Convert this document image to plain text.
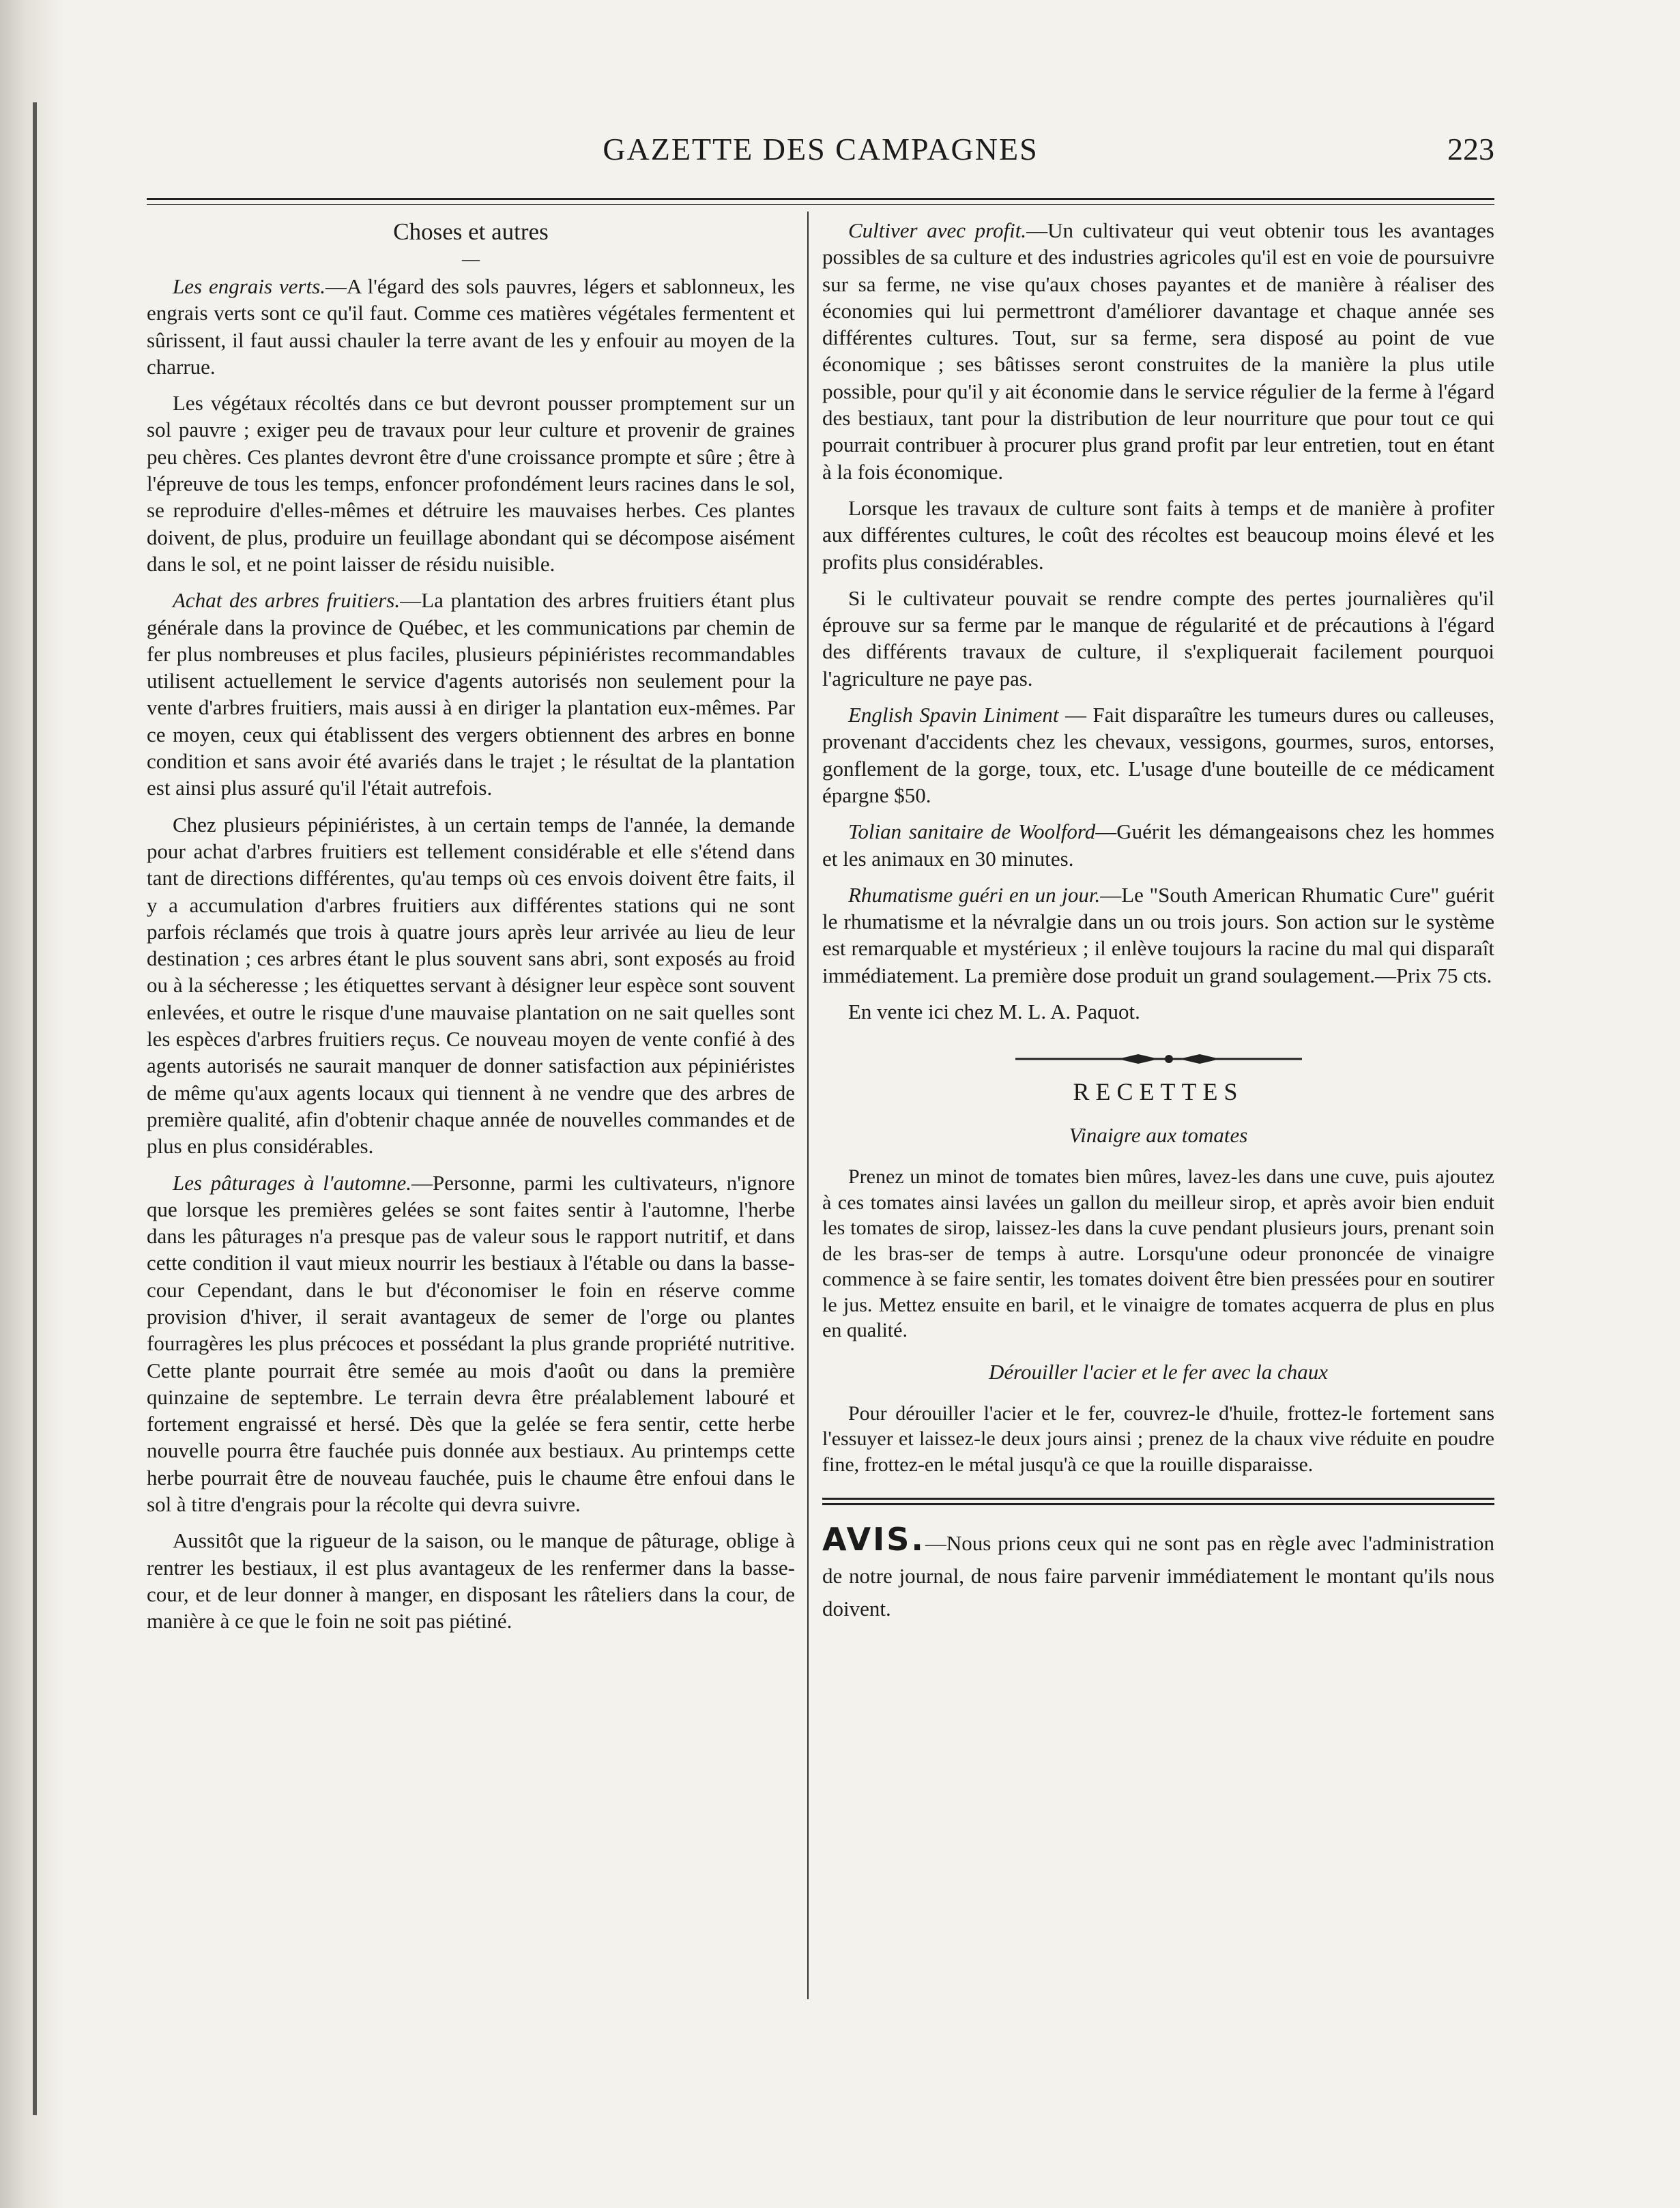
GAZETTE DES CAMPAGNES	223
Choses et autres
—

Les engrais verts.—A l'égard des sols pauvres, légers et sablonneux, les engrais verts sont ce qu'il faut. Comme ces matières végétales fermentent et sûrissent, il faut aussi chauler la terre avant de les y enfouir au moyen de la charrue.

Les végétaux récoltés dans ce but devront pousser promptement sur un sol pauvre ; exiger peu de travaux pour leur culture et provenir de graines peu chères. Ces plantes devront être d'une croissance prompte et sûre ; être à l'épreuve de tous les temps, enfoncer profondément leurs racines dans le sol, se reproduire d'elles-mêmes et détruire les mauvaises herbes. Ces plantes doivent, de plus, produire un feuillage abondant qui se décompose aisément dans le sol, et ne point laisser de résidu nuisible.

Achat des arbres fruitiers.—La plantation des arbres fruitiers étant plus générale dans la province de Québec, et les communications par chemin de fer plus nombreuses et plus faciles, plusieurs pépiniéristes recommandables utilisent actuellement le service d'agents autorisés non seulement pour la vente d'arbres fruitiers, mais aussi à en diriger la plantation eux-mêmes. Par ce moyen, ceux qui établissent des vergers obtiennent des arbres en bonne condition et sans avoir été avariés dans le trajet ; le résultat de la plantation est ainsi plus assuré qu'il l'était autrefois.

Chez plusieurs pépiniéristes, à un certain temps de l'année, la demande pour achat d'arbres fruitiers est tellement considérable et elle s'étend dans tant de directions différentes, qu'au temps où ces envois doivent être faits, il y a accumulation d'arbres fruitiers aux différentes stations qui ne sont parfois réclamés que trois à quatre jours après leur arrivée au lieu de leur destination ; ces arbres étant le plus souvent sans abri, sont exposés au froid ou à la sécheresse ; les étiquettes servant à désigner leur espèce sont souvent enlevées, et outre le risque d'une mauvaise plantation on ne sait quelles sont les espèces d'arbres fruitiers reçus. Ce nouveau moyen de vente confié à des agents autorisés ne saurait manquer de donner satisfaction aux pépiniéristes de même qu'aux agents locaux qui tiennent à ne vendre que des arbres de première qualité, afin d'obtenir chaque année de nouvelles commandes et de plus en plus considérables.

Les pâturages à l'automne.—Personne, parmi les cultivateurs, n'ignore que lorsque les premières gelées se sont faites sentir à l'automne, l'herbe dans les pâturages n'a presque pas de valeur sous le rapport nutritif, et dans cette condition il vaut mieux nourrir les bestiaux à l'étable ou dans la basse-cour Cependant, dans le but d'économiser le foin en réserve comme provision d'hiver, il serait avantageux de semer de l'orge ou plantes fourragères les plus précoces et possédant la plus grande propriété nutritive. Cette plante pourrait être semée au mois d'août ou dans la première quinzaine de septembre. Le terrain devra être préalablement labouré et fortement engraissé et hersé. Dès que la gelée se fera sentir, cette herbe nouvelle pourra être fauchée puis donnée aux bestiaux. Au printemps cette herbe pourrait être de nouveau fauchée, puis le chaume être enfoui dans le sol à titre d'engrais pour la récolte qui devra suivre.

Aussitôt que la rigueur de la saison, ou le manque de pâturage, oblige à rentrer les bestiaux, il est plus avantageux de les renfermer dans la basse-cour, et de leur donner à manger, en disposant les râteliers dans la cour, de manière à ce que le foin ne soit pas piétiné.

Cultiver avec profit.—Un cultivateur qui veut obtenir tous les avantages possibles de sa culture et des industries agricoles qu'il est en voie de poursuivre sur sa ferme, ne vise qu'aux choses payantes et de manière à réaliser des économies qui lui permettront d'améliorer davantage et chaque année ses différentes cultures. Tout, sur sa ferme, sera disposé au point de vue économique ; ses bâtisses seront construites de la manière la plus utile possible, pour qu'il y ait économie dans le service régulier de la ferme à l'égard des bestiaux, tant pour la distribution de leur nourriture que pour tout ce qui pourrait contribuer à procurer plus grand profit par leur entretien, tout en étant à la fois économique.

Lorsque les travaux de culture sont faits à temps et de manière à profiter aux différentes cultures, le coût des récoltes est beaucoup moins élevé et les profits plus considérables.

Si le cultivateur pouvait se rendre compte des pertes journalières qu'il éprouve sur sa ferme par le manque de régularité et de précautions à l'égard des différents travaux de culture, il s'expliquerait facilement pourquoi l'agriculture ne paye pas.

English Spavin Liniment — Fait disparaître les tumeurs dures ou calleuses, provenant d'accidents chez les chevaux, vessigons, gourmes, suros, entorses, gonflement de la gorge, toux, etc. L'usage d'une bouteille de ce médicament épargne $50.

Tolian sanitaire de Woolford—Guérit les démangeaisons chez les hommes et les animaux en 30 minutes.

Rhumatisme guéri en un jour.—Le "South American Rhumatic Cure" guérit le rhumatisme et la névralgie dans un ou trois jours. Son action sur le système est remarquable et mystérieux ; il enlève toujours la racine du mal qui disparaît immédiatement. La première dose produit un grand soulagement.—Prix 75 cts.

En vente ici chez M. L. A. Paquot.

RECETTES
Vinaigre aux tomates

Prenez un minot de tomates bien mûres, lavez-les dans une cuve, puis ajoutez à ces tomates ainsi lavées un gallon du meilleur sirop, et après avoir bien enduit les tomates de sirop, laissez-les dans la cuve pendant plusieurs jours, prenant soin de les bras-ser de temps à autre. Lorsqu'une odeur prononcée de vinaigre commence à se faire sentir, les tomates doivent être bien pressées pour en soutirer le jus. Mettez ensuite en baril, et le vinaigre de tomates acquerra de plus en plus en qualité.

Dérouiller l'acier et le fer avec la chaux

Pour dérouiller l'acier et le fer, couvrez-le d'huile, frottez-le fortement sans l'essuyer et laissez-le deux jours ainsi ; prenez de la chaux vive réduite en poudre fine, frottez-en le métal jusqu'à ce que la rouille disparaisse.

AVIS.—Nous prions ceux qui ne sont pas en règle avec l'administration de notre journal, de nous faire parvenir immédiatement le montant qu'ils nous doivent.
